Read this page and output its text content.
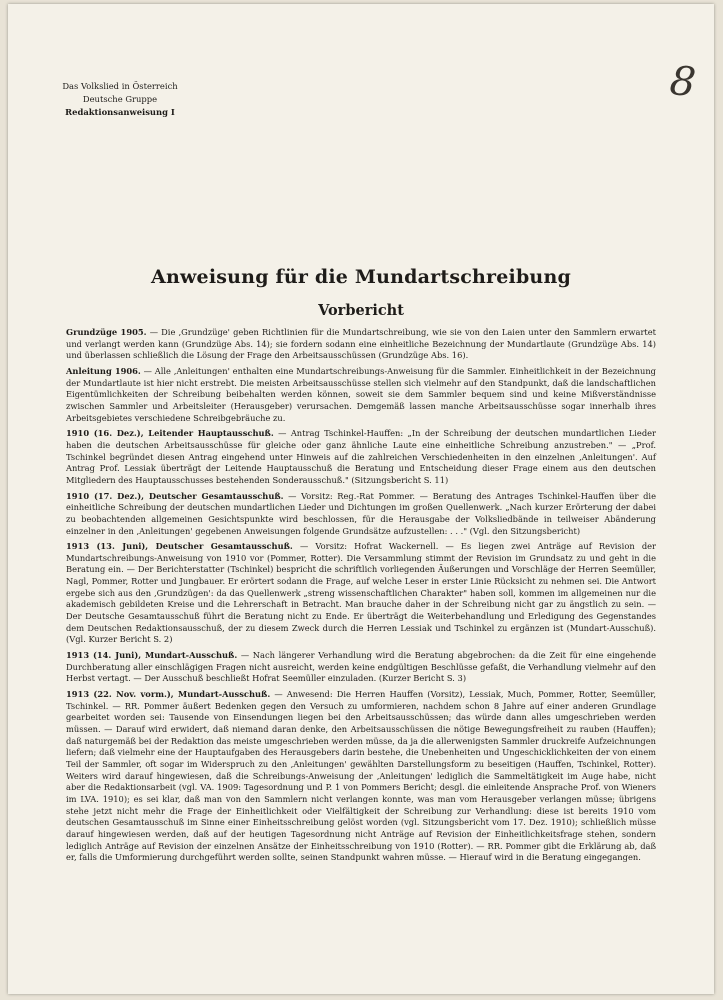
Das Volkslied in Österreich
Deutsche Gruppe
Redaktionsanweisung I
8
Anweisung für die Mundartschreibung
Vorbericht

Grundzüge 1905. — Die ‚Grundzüge' geben Richtlinien für die Mundartschreibung, wie sie von den Laien unter den Sammlern erwartet und verlangt werden kann (Grundzüge Abs. 14); sie fordern sodann eine einheitliche Bezeichnung der Mundartlaute (Grundzüge Abs. 14) und überlassen schließlich die Lösung der Frage den Arbeitsausschüssen (Grundzüge Abs. 16).

Anleitung 1906. — Alle ‚Anleitungen' enthalten eine Mundartschreibungs-Anweisung für die Sammler. Einheitlichkeit in der Bezeichnung der Mundartlaute ist hier nicht erstrebt. Die meisten Arbeitsausschüsse stellen sich vielmehr auf den Standpunkt, daß die landschaftlichen Eigentümlichkeiten der Schreibung beibehalten werden können, soweit sie dem Sammler bequem sind und keine Mißverständnisse zwischen Sammler und Arbeitsleiter (Herausgeber) verursachen. Demgemäß lassen manche Arbeitsausschüsse sogar innerhalb ihres Arbeitsgebietes verschiedene Schreibgebräuche zu.

1910 (16. Dez.), Leitender Hauptausschuß. — Antrag Tschinkel-Hauffen: „In der Schreibung der deutschen mundartlichen Lieder haben die deutschen Arbeitsausschüsse für gleiche oder ganz ähnliche Laute eine einheitliche Schreibung anzustreben." — „Prof. Tschinkel begründet diesen Antrag eingehend unter Hinweis auf die zahlreichen Verschiedenheiten in den einzelnen ‚Anleitungen'. Auf Antrag Prof. Lessiak überträgt der Leitende Hauptausschuß die Beratung und Entscheidung dieser Frage einem aus den deutschen Mitgliedern des Hauptausschusses bestehenden Sonderausschuß." (Sitzungsbericht S. 11)

1910 (17. Dez.), Deutscher Gesamtausschuß. — Vorsitz: Reg.-Rat Pommer. — Beratung des Antrages Tschinkel-Hauffen über die einheitliche Schreibung der deutschen mundartlichen Lieder und Dichtungen im großen Quellenwerk. „Nach kurzer Erörterung der dabei zu beobachtenden allgemeinen Gesichtspunkte wird beschlossen, für die Herausgabe der Volksliedbände in teilweiser Abänderung einzelner in den ‚Anleitungen' gegebenen Anweisungen folgende Grundsätze aufzustellen: . . ." (Vgl. den Sitzungsbericht)

1913 (13. Juni), Deutscher Gesamtausschuß. — Vorsitz: Hofrat Wackernell. — Es liegen zwei Anträge auf Revision der Mundartschreibungs-Anweisung von 1910 vor (Pommer, Rotter). Die Versammlung stimmt der Revision im Grundsatz zu und geht in die Beratung ein. — Der Berichterstatter (Tschinkel) bespricht die schriftlich vorliegenden Äußerungen und Vorschläge der Herren Seemüller, Nagl, Pommer, Rotter und Jungbauer. Er erörtert sodann die Frage, auf welche Leser in erster Linie Rücksicht zu nehmen sei. Die Antwort ergebe sich aus den ‚Grundzügen': da das Quellenwerk „streng wissenschaftlichen Charakter" haben soll, kommen im allgemeinen nur die akademisch gebildeten Kreise und die Lehrerschaft in Betracht. Man brauche daher in der Schreibung nicht gar zu ängstlich zu sein. — Der Deutsche Gesamtausschuß führt die Beratung nicht zu Ende. Er überträgt die Weiterbehandlung und Erledigung des Gegenstandes dem Deutschen Redaktionsausschuß, der zu diesem Zweck durch die Herren Lessiak und Tschinkel zu ergänzen ist (Mundart-Ausschuß). (Vgl. Kurzer Bericht S. 2)

1913 (14. Juni), Mundart-Ausschuß. — Nach längerer Verhandlung wird die Beratung abgebrochen: da die Zeit für eine eingehende Durchberatung aller einschlägigen Fragen nicht ausreicht, werden keine endgültigen Beschlüsse gefaßt, die Verhandlung vielmehr auf den Herbst vertagt. — Der Ausschuß beschließt Hofrat Seemüller einzuladen. (Kurzer Bericht S. 3)

1913 (22. Nov. vorm.), Mundart-Ausschuß. — Anwesend: Die Herren Hauffen (Vorsitz), Lessiak, Much, Pommer, Rotter, Seemüller, Tschinkel. — RR. Pommer äußert Bedenken gegen den Versuch zu umformieren, nachdem schon 8 Jahre auf einer anderen Grundlage gearbeitet worden sei: Tausende von Einsendungen liegen bei den Arbeitsausschüssen; das würde dann alles umgeschrieben werden müssen. — Darauf wird erwidert, daß niemand daran denke, den Arbeitsausschüssen die nötige Bewegungsfreiheit zu rauben (Hauffen); daß naturgemäß bei der Redaktion das meiste umgeschrieben werden müsse, da ja die allerwenigsten Sammler druckreife Aufzeichnungen liefern; daß vielmehr eine der Hauptaufgaben des Herausgebers darin bestehe, die Unebenheiten und Ungeschicklichkeiten der von einem Teil der Sammler, oft sogar im Widerspruch zu den ‚Anleitungen' gewählten Darstellungsform zu beseitigen (Hauffen, Tschinkel, Rotter). Weiters wird darauf hingewiesen, daß die Schreibungs-Anweisung der ‚Anleitungen' lediglich die Sammeltätigkeit im Auge habe, nicht aber die Redaktionsarbeit (vgl. VA. 1909: Tagesordnung und P. 1 von Pommers Bericht; desgl. die einleitende Ansprache Prof. von Wieners im LVA. 1910); es sei klar, daß man von den Sammlern nicht verlangen konnte, was man vom Herausgeber verlangen müsse; übrigens stehe jetzt nicht mehr die Frage der Einheitlichkeit oder Vielfältigkeit der Schreibung zur Verhandlung: diese ist bereits 1910 vom deutschen Gesamtausschuß im Sinne einer Einheitsschreibung gelöst worden (vgl. Sitzungsbericht vom 17. Dez. 1910); schließlich müsse darauf hingewiesen werden, daß auf der heutigen Tagesordnung nicht Anträge auf Revision der Einheitlichkeitsfrage stehen, sondern lediglich Anträge auf Revision der einzelnen Ansätze der Einheitsschreibung von 1910 (Rotter). — RR. Pommer gibt die Erklärung ab, daß er, falls die Umformierung durchgeführt werden sollte, seinen Standpunkt wahren müsse. — Hierauf wird in die Beratung eingegangen.
